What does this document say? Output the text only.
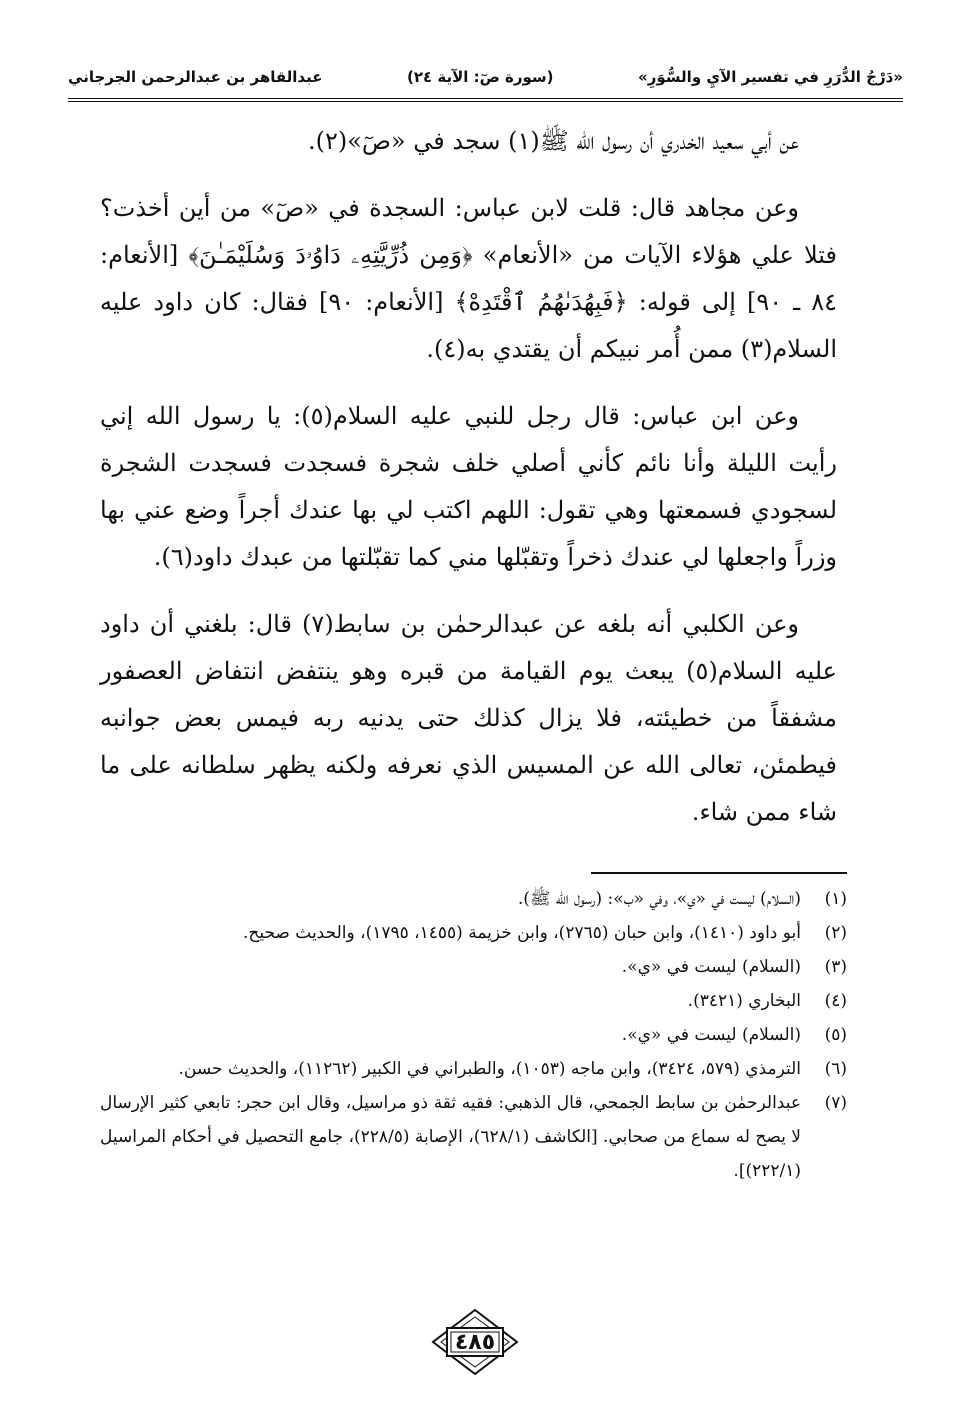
«دَرْجُ الدُّرَرِ في تفسير الآيِ والسُّوَرِ»
(سورة صٓ: الآية ٢٤)
عبدالقاهر بن عبدالرحمن الجرجاني

عن أبي سعيد الخدري أن رسول الله ﷺ(١) سجد في «صٓ»(٢).

وعن مجاهد قال: قلت لابن عباس: السجدة في «صٓ» من أين أخذت؟ فتلا علي هؤلاء الآيات من «الأنعام» ﴿وَمِن ذُرِّيَّتِهِۦ دَاوُۥدَ وَسُلَيْمَـٰنَ﴾ [الأنعام: ٨٤ ـ ٩٠] إلى قوله: ﴿فَبِهُدَىٰهُمُ ٱقْتَدِهْ﴾ [الأنعام: ٩٠] فقال: كان داود عليه السلام(٣) ممن أُمر نبيكم أن يقتدي به(٤).

وعن ابن عباس: قال رجل للنبي عليه السلام(٥): يا رسول الله إني رأيت الليلة وأنا نائم كأني أصلي خلف شجرة فسجدت فسجدت الشجرة لسجودي فسمعتها وهي تقول: اللهم اكتب لي بها عندك أجراً وضع عني بها وزراً واجعلها لي عندك ذخراً وتقبّلها مني كما تقبّلتها من عبدك داود(٦).

وعن الكلبي أنه بلغه عن عبدالرحمٰن بن سابط(٧) قال: بلغني أن داود عليه السلام(٥) يبعث يوم القيامة من قبره وهو ينتفض انتفاض العصفور مشفقاً من خطيئته، فلا يزال كذلك حتى يدنيه ربه فيمس بعض جوانبه فيطمئن، تعالى الله عن المسيس الذي نعرفه ولكنه يظهر سلطانه على ما شاء ممن شاء.

(١)
(السلام) ليست في «ي»، وفي «ب»: (رسول الله ﷺ).
(٢)
أبو داود (١٤١٠)، وابن حبان (٢٧٦٥)، وابن خزيمة (١٤٥٥، ١٧٩٥)، والحديث صحيح.
(٣)
(السلام) ليست في «ي».
(٤)
البخاري (٣٤٢١).
(٥)
(السلام) ليست في «ي».
(٦)
الترمذي (٥٧٩، ٣٤٢٤)، وابن ماجه (١٠٥٣)، والطبراني في الكبير (١١٢٦٢)، والحديث حسن.
(٧)
عبدالرحمٰن بن سابط الجمحي، قال الذهبي: فقيه ثقة ذو مراسيل، وقال ابن حجر: تابعي كثير الإرسال لا يصح له سماع من صحابي. [الكاشف (٦٢٨/١)، الإصابة (٢٢٨/٥)، جامع التحصيل في أحكام المراسيل (٢٢٢/١)].
٤٨٥
